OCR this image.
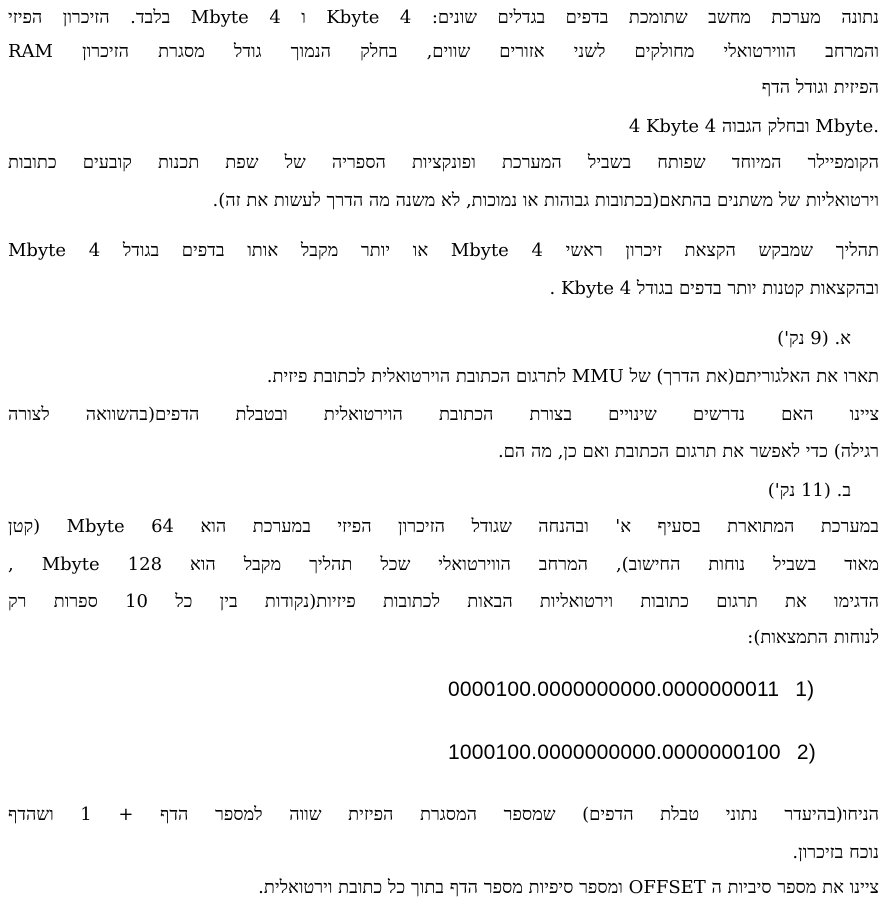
נתונה מערכת מחשב שתומכת בדפים בגדלים שונים: 4 Kbyte ו 4 Mbyte בלבד. הזיכרון הפיזי
RAM והמרחב הווירטואלי מחולקים לשני אזורים שווים, בחלק הנמוך גודל מסגרת הזיכרון
הפיזית וגודל הדף
4 Kbyte ובחלק הגבוה 4 Mbyte.
הקומפיילר המיוחד שפותח בשביל המערכת ופונקציות הספריה של שפת תכנות קובעים כתובות
וירטואליות של משתנים בהתאם(בכתובות גבוהות או נמוכות, לא משנה מה הדרך לעשות את זה).
תהליך שמבקש הקצאת זיכרון ראשי 4 Mbyte או יותר מקבל אותו בדפים בגודל 4 Mbyte
ובהקצאות קטנות יותר בדפים בגודל 4 Kbyte .
א. (9 נק')
תארו את האלגוריתם(את הדרך) של MMU לתרגום הכתובת הוירטואלית לכתובת פיזית.
ציינו האם נדרשים שינויים בצורת הכתובת הוירטואלית ובטבלת הדפים(בהשוואה לצורה
רגילה) כדי לאפשר את תרגום הכתובת ואם כן, מה הם.
ב. (11 נק')
במערכת המתוארת בסעיף א' ובהנחה שגודל הזיכרון הפיזי במערכת הוא 64 Mbyte (קטן
מאוד בשביל נוחות החישוב), המרחב הווירטואלי שכל תהליך מקבל הוא 128 Mbyte ,
הדגימו את תרגום כתובות וירטואליות הבאות לכתובות פיזיות(נקודות בין כל 10 ספרות רק
לנוחות התמצאות):
0000100.0000000000.0000000011 1)
1000100.0000000000.0000000100 2)
הניחו(בהיעדר נתוני טבלת הדפים) שמספר המסגרת הפיזית שווה למספר הדף + 1 ושהדף
נוכח בזיכרון.
ציינו את מספר סיביות ה OFFSET ומספר סיפיות מספר הדף בתוך כל כתובת וירטואלית.
